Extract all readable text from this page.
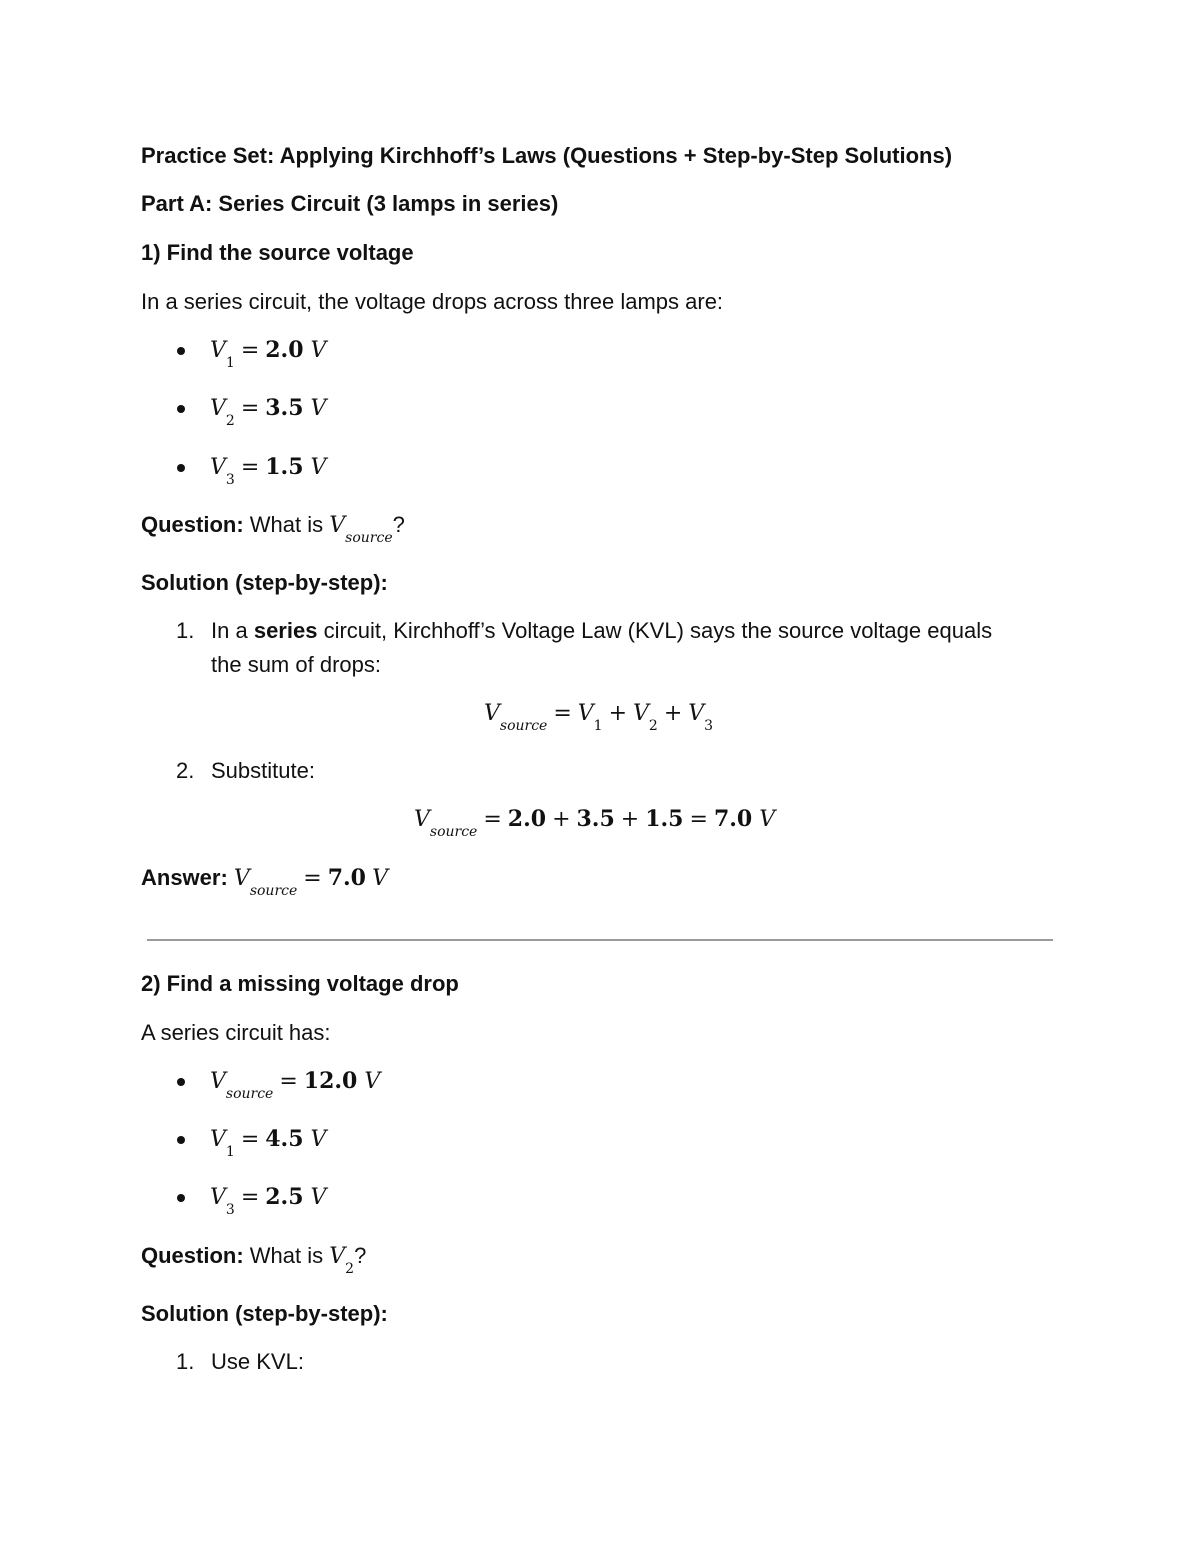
Practice Set: Applying Kirchhoff’s Laws (Questions + Step-by-Step Solutions)
Part A: Series Circuit (3 lamps in series)
1) Find the source voltage
In a series circuit, the voltage drops across three lamps are:
$V_1 = 2.0$ V
$V_2 = 3.5$ V
$V_3 = 1.5$ V
Question: What is $V_{source}$?
Solution (step-by-step):
1. In a series circuit, Kirchhoff’s Voltage Law (KVL) says the source voltage equals
the sum of drops:
$V_{source} = V_1 + V_2 + V_3$
2. Substitute:
$V_{source} = 2.0 + 3.5 + 1.5 = 7.0$ V
Answer: $V_{source} = 7.0$ V
2) Find a missing voltage drop
A series circuit has:
$V_{source} = 12.0$ V
$V_1 = 4.5$ V
$V_3 = 2.5$ V
Question: What is $V_2$?
Solution (step-by-step):
1. Use KVL:
